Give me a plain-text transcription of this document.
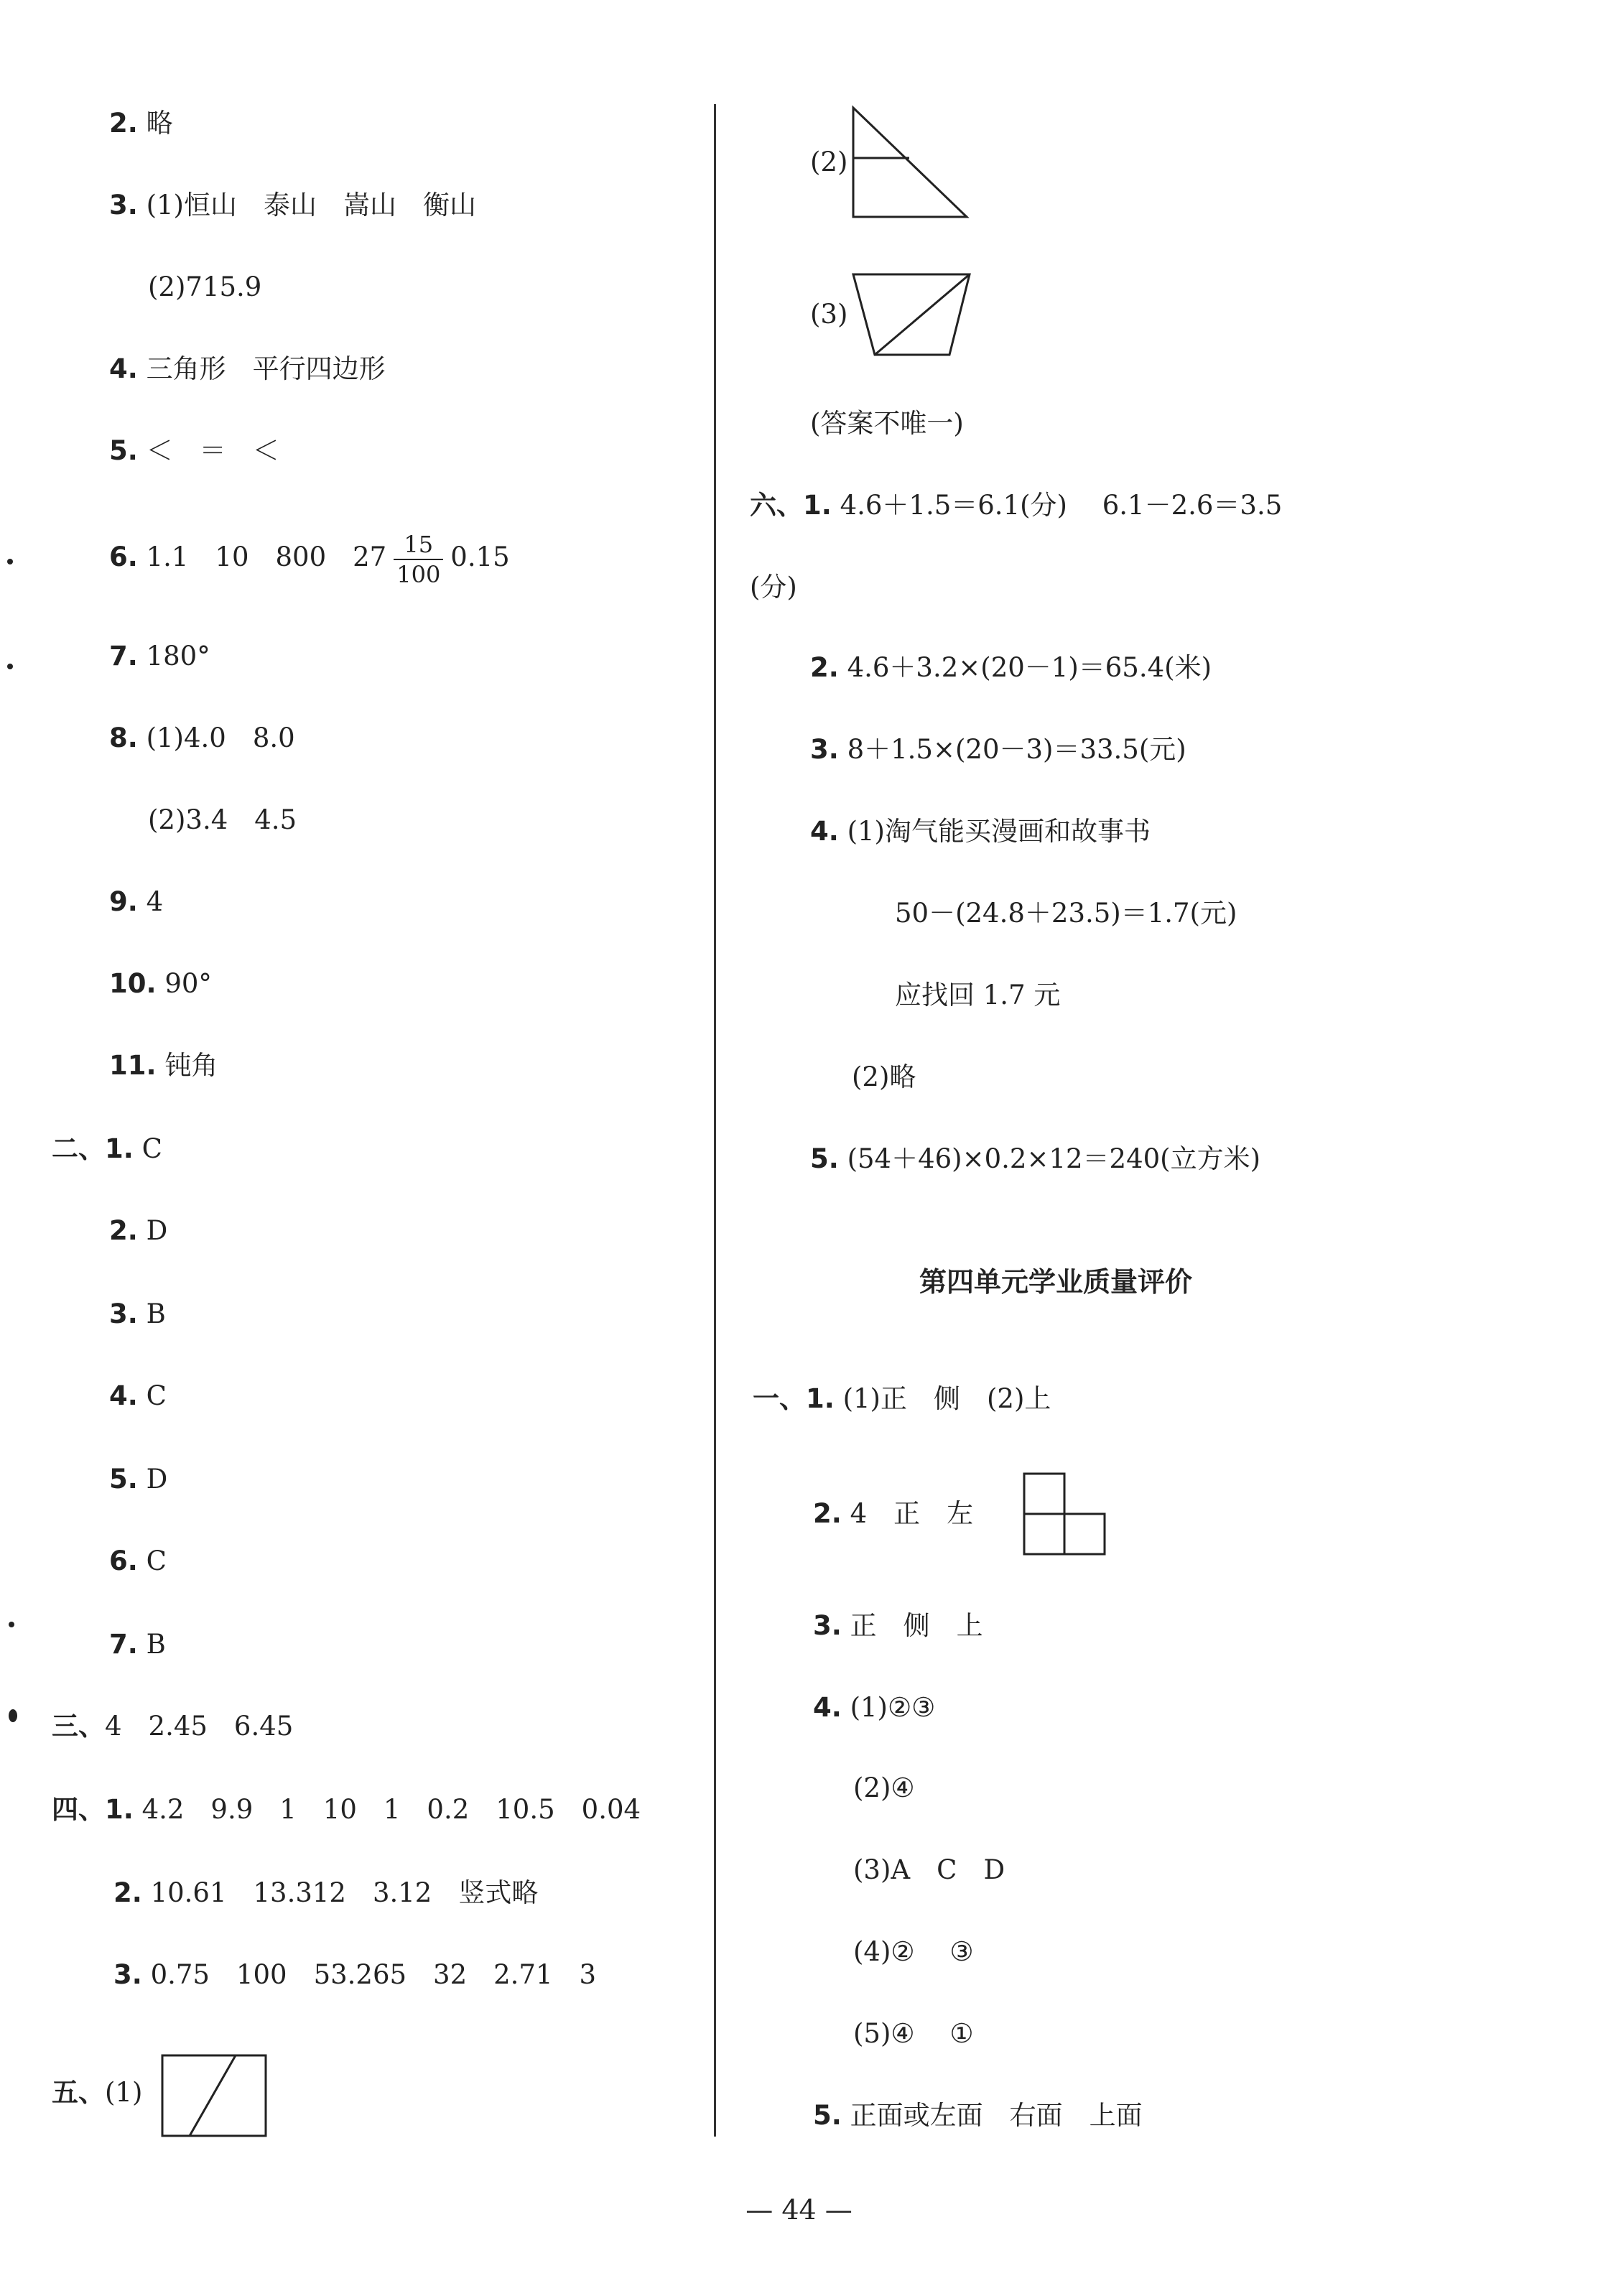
2. 略
3. (1)恒山　泰山　嵩山　衡山
(2)715.9
4. 三角形　平行四边形
5. ＜　＝　＜
6. 1.1　10　800　$27 \frac{15}{100} 0.15$
7. 180°
8. (1)4.0　8.0
(2)3.4　4.5
9. 4
10. 90°
11. 钝角
二、1. C
2. D
3. B
4. C
5. D
6. C
7. B
三、4　2.45　6.45
四、1. 4.2　9.9　1　10　1　0.2　10.5　0.04
2. 10.61　13.312　3.12　竖式略
3. 0.75　100　53.265　32　2.71　3
五、(1)
(2)
(3)
(答案不唯一)
六、1. 4.6＋1.5＝6.1(分)　 6.1－2.6＝3.5
(分)
2. 4.6＋3.2×(20－1)＝65.4(米)
3. 8＋1.5×(20－3)＝33.5(元)
4. (1)淘气能买漫画和故事书
50－(24.8＋23.5)＝1.7(元)
应找回 1.7 元
(2)略
5. (54＋46)×0.2×12＝240(立方米)
第四单元学业质量评价
一、1. (1)正　侧　(2)上
2. 4　正　左
3. 正　侧　上
4. (1)②③
(2)④
(3)A　C　D
(4)②　 ③
(5)④　 ①
5. 正面或左面　右面　上面
— 44 —
